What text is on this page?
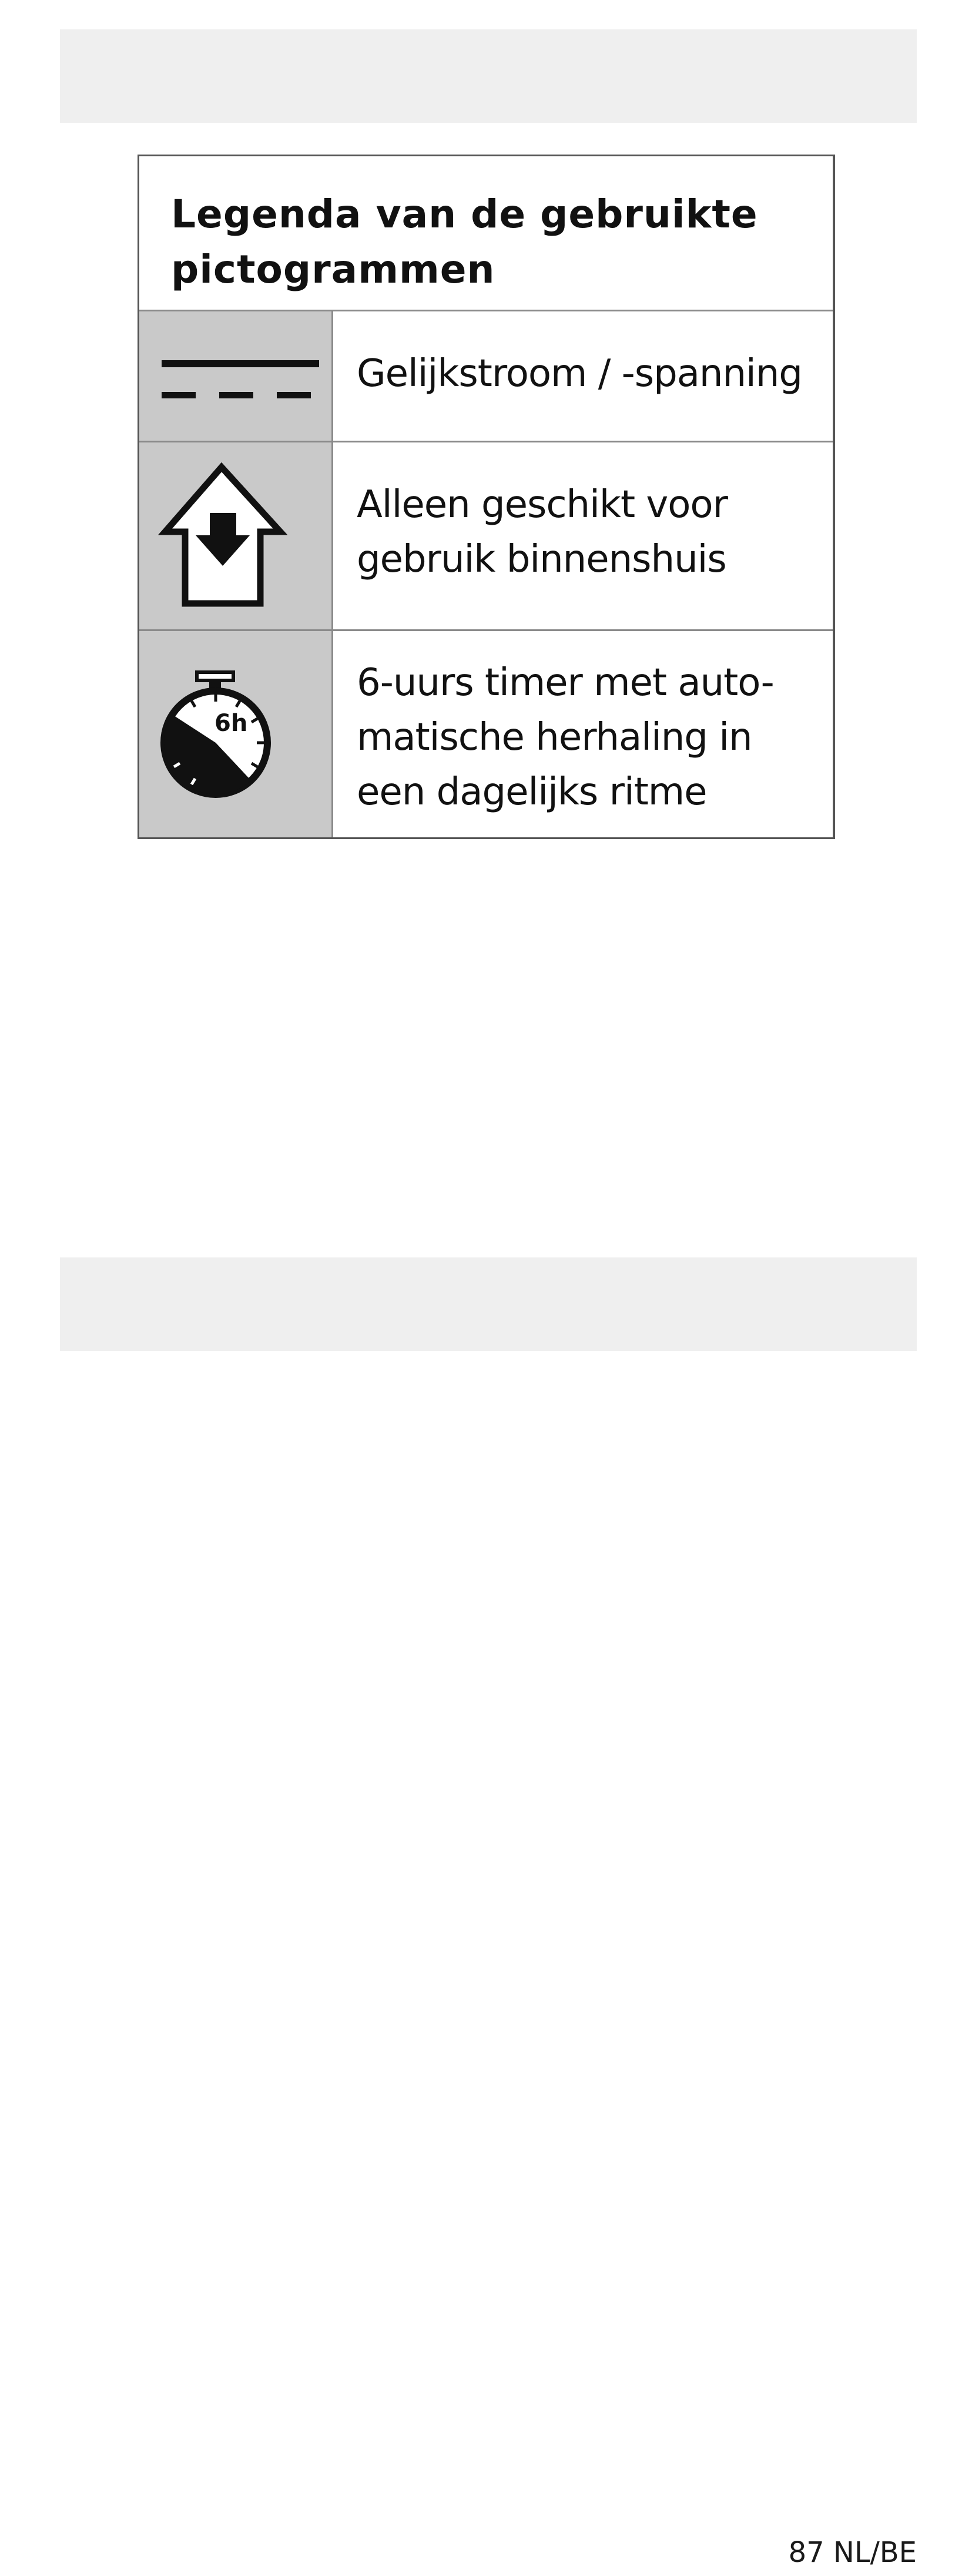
Legenda van de gebruikte pictogrammen

Gelijkstroom / -spanning

Alleen geschikt voor gebruik binnenshuis

6h

6-uurs timer met auto-matische herhaling in een dagelijks ritme

87 NL/BE
